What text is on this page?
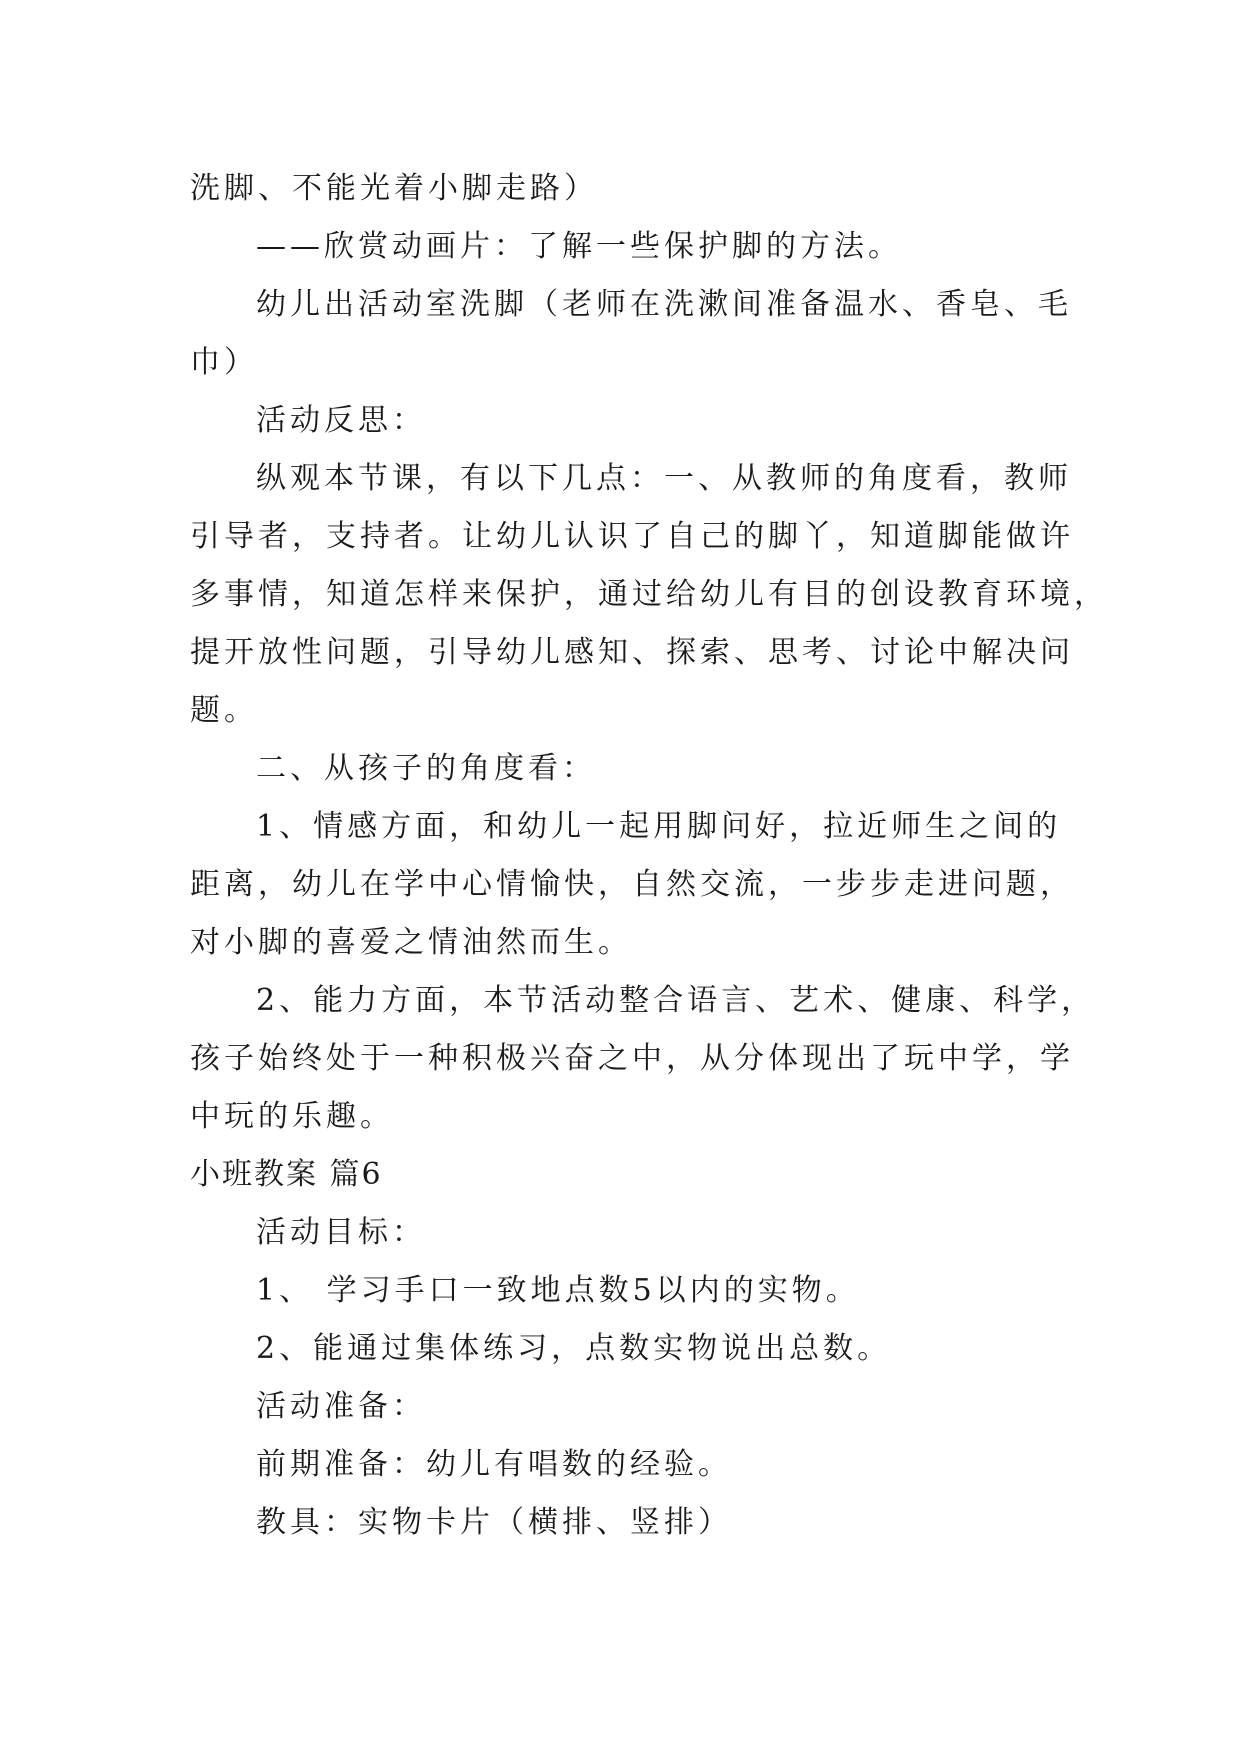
洗脚、不能光着小脚走路）

——欣赏动画片：了解一些保护脚的方法。

幼儿出活动室洗脚（老师在洗漱间准备温水、香皂、毛

巾）

活动反思：

纵观本节课，有以下几点：一、从教师的角度看，教师

引导者，支持者。让幼儿认识了自己的脚丫，知道脚能做许

多事情，知道怎样来保护，通过给幼儿有目的创设教育环境，

提开放性问题，引导幼儿感知、探索、思考、讨论中解决问

题。

二、从孩子的角度看：

1、情感方面，和幼儿一起用脚问好，拉近师生之间的

距离，幼儿在学中心情愉快，自然交流，一步步走进问题，

对小脚的喜爱之情油然而生。

2、能力方面，本节活动整合语言、艺术、健康、科学，

孩子始终处于一种积极兴奋之中，从分体现出了玩中学，学

中玩的乐趣。

小班教案 篇6

活动目标：

1、 学习手口一致地点数5以内的实物。

2、能通过集体练习，点数实物说出总数。

活动准备：

前期准备：幼儿有唱数的经验。

教具：实物卡片（横排、竖排）
